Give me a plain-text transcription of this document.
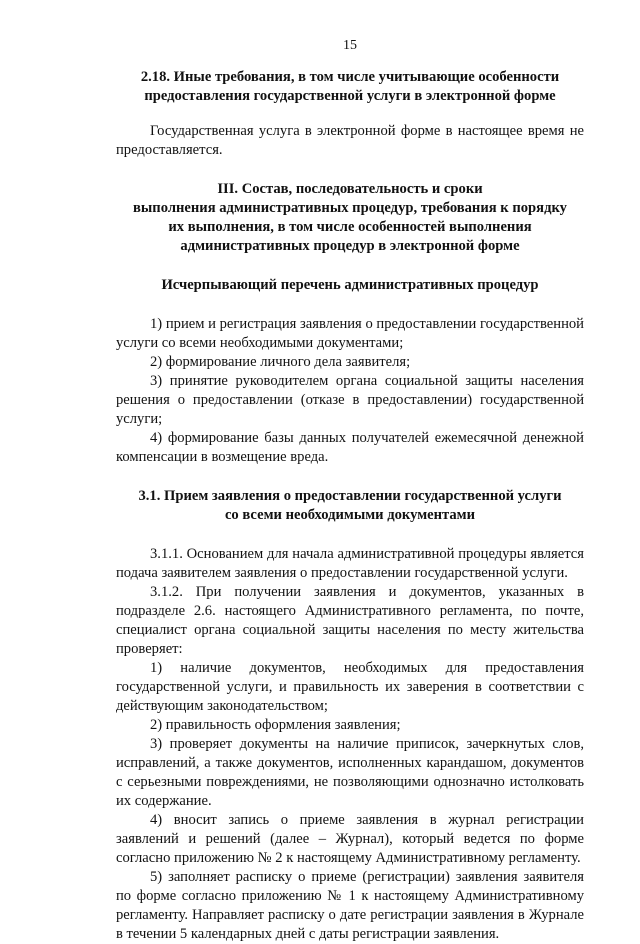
15
2.18. Иные требования, в том числе учитывающие особенности
предоставления государственной услуги в электронной форме

Государственная услуга в электронной форме в настоящее время не предоставляется.

III. Состав, последовательность и сроки
выполнения административных процедур, требования к порядку
их выполнения, в том числе особенностей выполнения
административных процедур в электронной форме
Исчерпывающий перечень административных процедур

1) прием и регистрация заявления о предоставлении государственной услуги со всеми необходимыми документами;

2) формирование личного дела заявителя;

3) принятие руководителем органа социальной защиты населения решения о предоставлении (отказе в предоставлении) государственной услуги;

4) формирование базы данных получателей ежемесячной денежной компенсации в возмещение вреда.

3.1. Прием заявления о предоставлении государственной услуги
со всеми необходимыми документами

3.1.1. Основанием для начала административной процедуры является подача заявителем заявления о предоставлении государственной услуги.

3.1.2. При получении заявления и документов, указанных в подразделе 2.6. настоящего Административного регламента, по почте, специалист органа социальной защиты населения по месту жительства проверяет:

1) наличие документов, необходимых для предоставления государственной услуги, и правильность их заверения в соответствии с действующим законодательством;

2) правильность оформления заявления;

3) проверяет документы на наличие приписок, зачеркнутых слов, исправлений, а также документов, исполненных карандашом, документов с серьезными повреждениями, не позволяющими однозначно истолковать их содержание.

4) вносит запись о приеме заявления в журнал регистрации заявлений и решений (далее – Журнал), который ведется по форме согласно приложению № 2 к настоящему Административному регламенту.

5) заполняет расписку о приеме (регистрации) заявления заявителя по форме согласно приложению № 1 к настоящему Административному регламенту. Направляет расписку о дате регистрации заявления в Журнале в течении 5 календарных дней с даты регистрации заявления.
